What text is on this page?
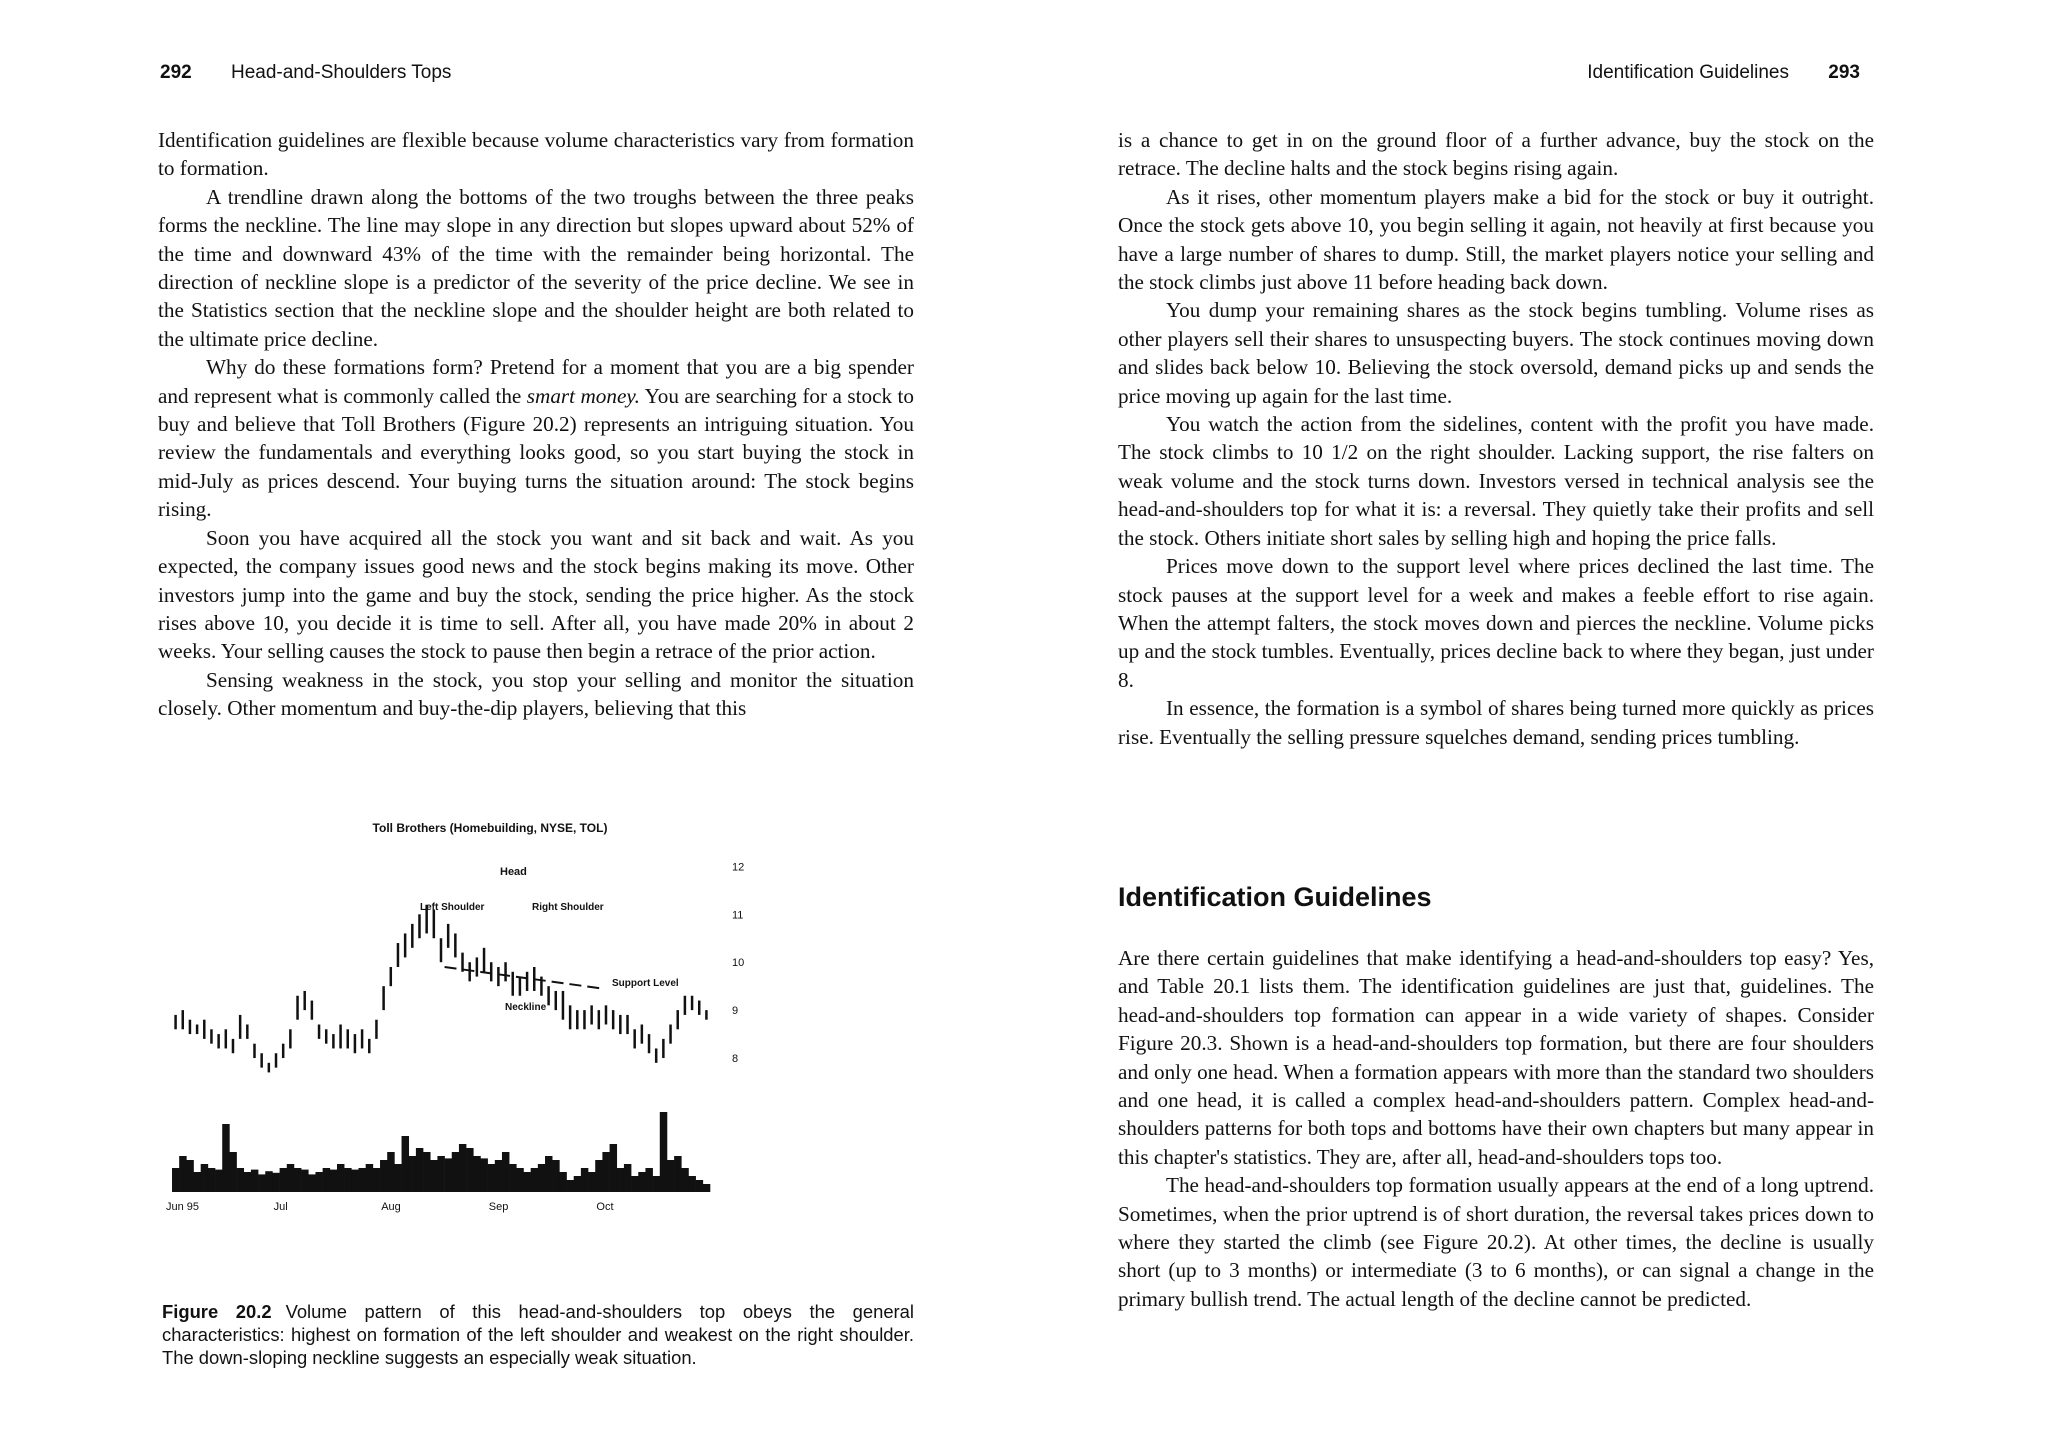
292 Head-and-Shoulders Tops

Identification guidelines are flexible because volume characteristics vary from formation to formation.

A trendline drawn along the bottoms of the two troughs between the three peaks forms the neckline. The line may slope in any direction but slopes upward about 52% of the time and downward 43% of the time with the remainder being horizontal. The direction of neckline slope is a predictor of the severity of the price decline. We see in the Statistics section that the neckline slope and the shoulder height are both related to the ultimate price decline.

Why do these formations form? Pretend for a moment that you are a big spender and represent what is commonly called the smart money. You are searching for a stock to buy and believe that Toll Brothers (Figure 20.2) represents an intriguing situation. You review the fundamentals and everything looks good, so you start buying the stock in mid-July as prices descend. Your buying turns the situation around: The stock begins rising.

Soon you have acquired all the stock you want and sit back and wait. As you expected, the company issues good news and the stock begins making its move. Other investors jump into the game and buy the stock, sending the price higher. As the stock rises above 10, you decide it is time to sell. After all, you have made 20% in about 2 weeks. Your selling causes the stock to pause then begin a retrace of the prior action.

Sensing weakness in the stock, you stop your selling and monitor the situation closely. Other momentum and buy-the-dip players, believing that this

Toll Brothers (Homebuilding, NYSE, TOL)
12
11
10
9
8
Jun 95	Jul	Aug	Sep	Oct
Head
Left Shoulder	Right Shoulder
Support Level
Neckline
Figure 20.2 Volume pattern of this head-and-shoulders top obeys the general characteristics: highest on formation of the left shoulder and weakest on the right shoulder. The down-sloping neckline suggests an especially weak situation.
Identification Guidelines 293

is a chance to get in on the ground floor of a further advance, buy the stock on the retrace. The decline halts and the stock begins rising again.

As it rises, other momentum players make a bid for the stock or buy it outright. Once the stock gets above 10, you begin selling it again, not heavily at first because you have a large number of shares to dump. Still, the market players notice your selling and the stock climbs just above 11 before heading back down.

You dump your remaining shares as the stock begins tumbling. Volume rises as other players sell their shares to unsuspecting buyers. The stock continues moving down and slides back below 10. Believing the stock oversold, demand picks up and sends the price moving up again for the last time.

You watch the action from the sidelines, content with the profit you have made. The stock climbs to 10 1/2 on the right shoulder. Lacking support, the rise falters on weak volume and the stock turns down. Investors versed in technical analysis see the head-and-shoulders top for what it is: a reversal. They quietly take their profits and sell the stock. Others initiate short sales by selling high and hoping the price falls.

Prices move down to the support level where prices declined the last time. The stock pauses at the support level for a week and makes a feeble effort to rise again. When the attempt falters, the stock moves down and pierces the neckline. Volume picks up and the stock tumbles. Eventually, prices decline back to where they began, just under 8.

In essence, the formation is a symbol of shares being turned more quickly as prices rise. Eventually the selling pressure squelches demand, sending prices tumbling.

Identification Guidelines

Are there certain guidelines that make identifying a head-and-shoulders top easy? Yes, and Table 20.1 lists them. The identification guidelines are just that, guidelines. The head-and-shoulders top formation can appear in a wide variety of shapes. Consider Figure 20.3. Shown is a head-and-shoulders top formation, but there are four shoulders and only one head. When a formation appears with more than the standard two shoulders and one head, it is called a complex head-and-shoulders pattern. Complex head-and-shoulders patterns for both tops and bottoms have their own chapters but many appear in this chapter's statistics. They are, after all, head-and-shoulders tops too.

The head-and-shoulders top formation usually appears at the end of a long uptrend. Sometimes, when the prior uptrend is of short duration, the reversal takes prices down to where they started the climb (see Figure 20.2). At other times, the decline is usually short (up to 3 months) or intermediate (3 to 6 months), or can signal a change in the primary bullish trend. The actual length of the decline cannot be predicted.
